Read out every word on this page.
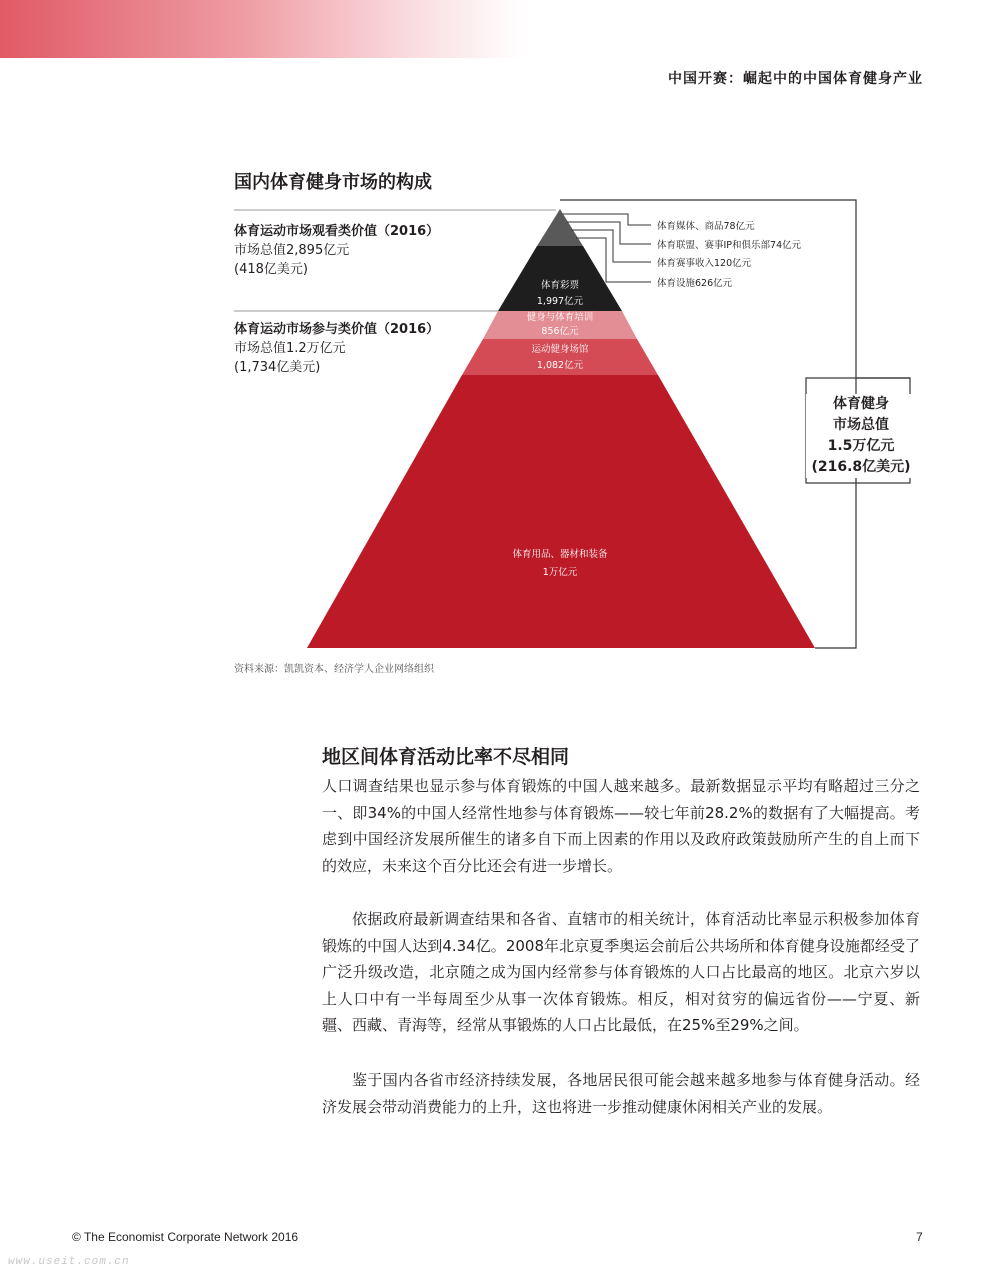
中国开赛：崛起中的中国体育健身产业
国内体育健身市场的构成
体育运动市场观看类价值（2016）
市场总值2,895亿元
(418亿美元)
体育运动市场参与类价值（2016）
市场总值1.2万亿元
(1,734亿美元)
体育媒体、商品78亿元
体育联盟、赛事IP和俱乐部74亿元
体育赛事收入120亿元
体育设施626亿元
体育彩票
1,997亿元
健身与体育培训
856亿元
运动健身场馆
1,082亿元
体育用品、器材和装备
1万亿元
体育健身
市场总值
1.5万亿元
(216.8亿美元)
资料来源：凯凯资本、经济学人企业网络组织
地区间体育活动比率不尽相同

人口调查结果也显示参与体育锻炼的中国人越来越多。最新数据显示平均有略超过三分之一、即34%的中国人经常性地参与体育锻炼——较七年前28.2%的数据有了大幅提高。考虑到中国经济发展所催生的诸多自下而上因素的作用以及政府政策鼓励所产生的自上而下的效应，未来这个百分比还会有进一步增长。

依据政府最新调查结果和各省、直辖市的相关统计，体育活动比率显示积极参加体育锻炼的中国人达到4.34亿。2008年北京夏季奥运会前后公共场所和体育健身设施都经受了广泛升级改造，北京随之成为国内经常参与体育锻炼的人口占比最高的地区。北京六岁以上人口中有一半每周至少从事一次体育锻炼。相反，相对贫穷的偏远省份——宁夏、新疆、西藏、青海等，经常从事锻炼的人口占比最低，在25%至29%之间。

鉴于国内各省市经济持续发展，各地居民很可能会越来越多地参与体育健身活动。经济发展会带动消费能力的上升，这也将进一步推动健康休闲相关产业的发展。

© The Economist Corporate Network 2016	7
www.useit.com.cn
